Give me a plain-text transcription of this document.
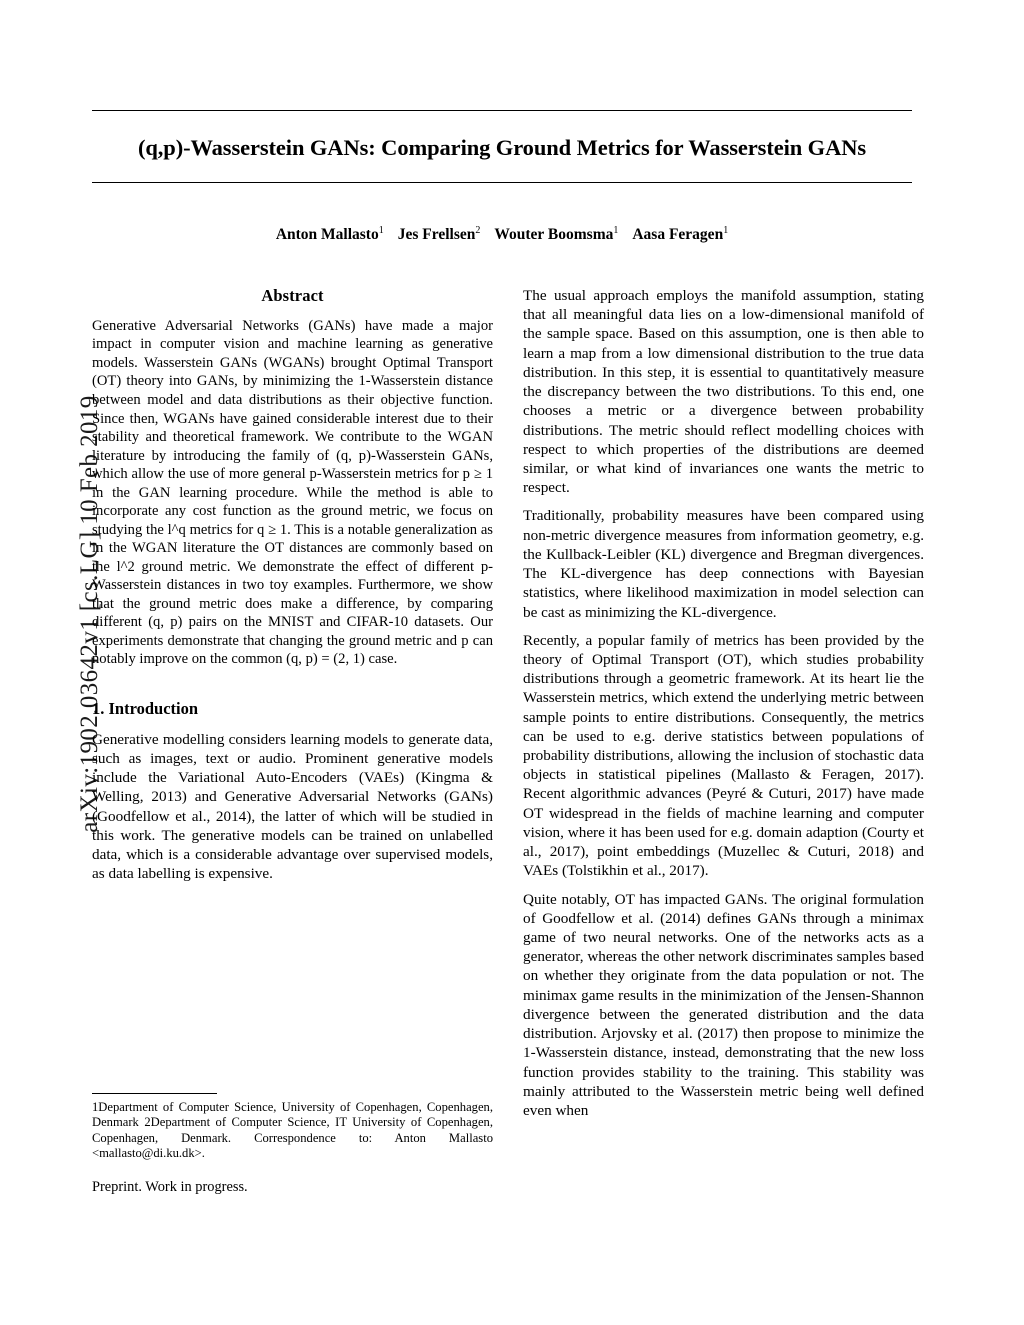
arXiv:1902.03642v1 [cs.LG] 10 Feb 2019
(q,p)-Wasserstein GANs: Comparing Ground Metrics for Wasserstein GANs
Anton Mallasto$^1$ Jes Frellsen$^2$ Wouter Boomsma$^1$ Aasa Feragen$^1$
Abstract

Generative Adversarial Networks (GANs) have made a major impact in computer vision and machine learning as generative models. Wasserstein GANs (WGANs) brought Optimal Transport (OT) theory into GANs, by minimizing the 1-Wasserstein distance between model and data distributions as their objective function. Since then, WGANs have gained considerable interest due to their stability and theoretical framework. We contribute to the WGAN literature by introducing the family of (q, p)-Wasserstein GANs, which allow the use of more general p-Wasserstein metrics for p ≥ 1 in the GAN learning procedure. While the method is able to incorporate any cost function as the ground metric, we focus on studying the l^q metrics for q ≥ 1. This is a notable generalization as in the WGAN literature the OT distances are commonly based on the l^2 ground metric. We demonstrate the effect of different p-Wasserstein distances in two toy examples. Furthermore, we show that the ground metric does make a difference, by comparing different (q, p) pairs on the MNIST and CIFAR-10 datasets. Our experiments demonstrate that changing the ground metric and p can notably improve on the common (q, p) = (2, 1) case.

1. Introduction

Generative modelling considers learning models to generate data, such as images, text or audio. Prominent generative models include the Variational Auto-Encoders (VAEs) (Kingma & Welling, 2013) and Generative Adversarial Networks (GANs) (Goodfellow et al., 2014), the latter of which will be studied in this work. The generative models can be trained on unlabelled data, which is a considerable advantage over supervised models, as data labelling is expensive.

The usual approach employs the manifold assumption, stating that all meaningful data lies on a low-dimensional manifold of the sample space. Based on this assumption, one is then able to learn a map from a low dimensional distribution to the true data distribution. In this step, it is essential to quantitatively measure the discrepancy between the two distributions. To this end, one chooses a metric or a divergence between probability distributions. The metric should reflect modelling choices with respect to which properties of the distributions are deemed similar, or what kind of invariances one wants the metric to respect.

Traditionally, probability measures have been compared using non-metric divergence measures from information geometry, e.g. the Kullback-Leibler (KL) divergence and Bregman divergences. The KL-divergence has deep connections with Bayesian statistics, where likelihood maximization in model selection can be cast as minimizing the KL-divergence.

Recently, a popular family of metrics has been provided by the theory of Optimal Transport (OT), which studies probability distributions through a geometric framework. At its heart lie the Wasserstein metrics, which extend the underlying metric between sample points to entire distributions. Consequently, the metrics can be used to e.g. derive statistics between populations of probability distributions, allowing the inclusion of stochastic data objects in statistical pipelines (Mallasto & Feragen, 2017). Recent algorithmic advances (Peyré & Cuturi, 2017) have made OT widespread in the fields of machine learning and computer vision, where it has been used for e.g. domain adaption (Courty et al., 2017), point embeddings (Muzellec & Cuturi, 2018) and VAEs (Tolstikhin et al., 2017).

Quite notably, OT has impacted GANs. The original formulation of Goodfellow et al. (2014) defines GANs through a minimax game of two neural networks. One of the networks acts as a generator, whereas the other network discriminates samples based on whether they originate from the data population or not. The minimax game results in the minimization of the Jensen-Shannon divergence between the generated distribution and the data distribution. Arjovsky et al. (2017) then propose to minimize the 1-Wasserstein distance, instead, demonstrating that the new loss function provides stability to the training. This stability was mainly attributed to the Wasserstein metric being well defined even when

1Department of Computer Science, University of Copenhagen, Copenhagen, Denmark 2Department of Computer Science, IT University of Copenhagen, Copenhagen, Denmark. Correspondence to: Anton Mallasto <mallasto@di.ku.dk>.
Preprint. Work in progress.
